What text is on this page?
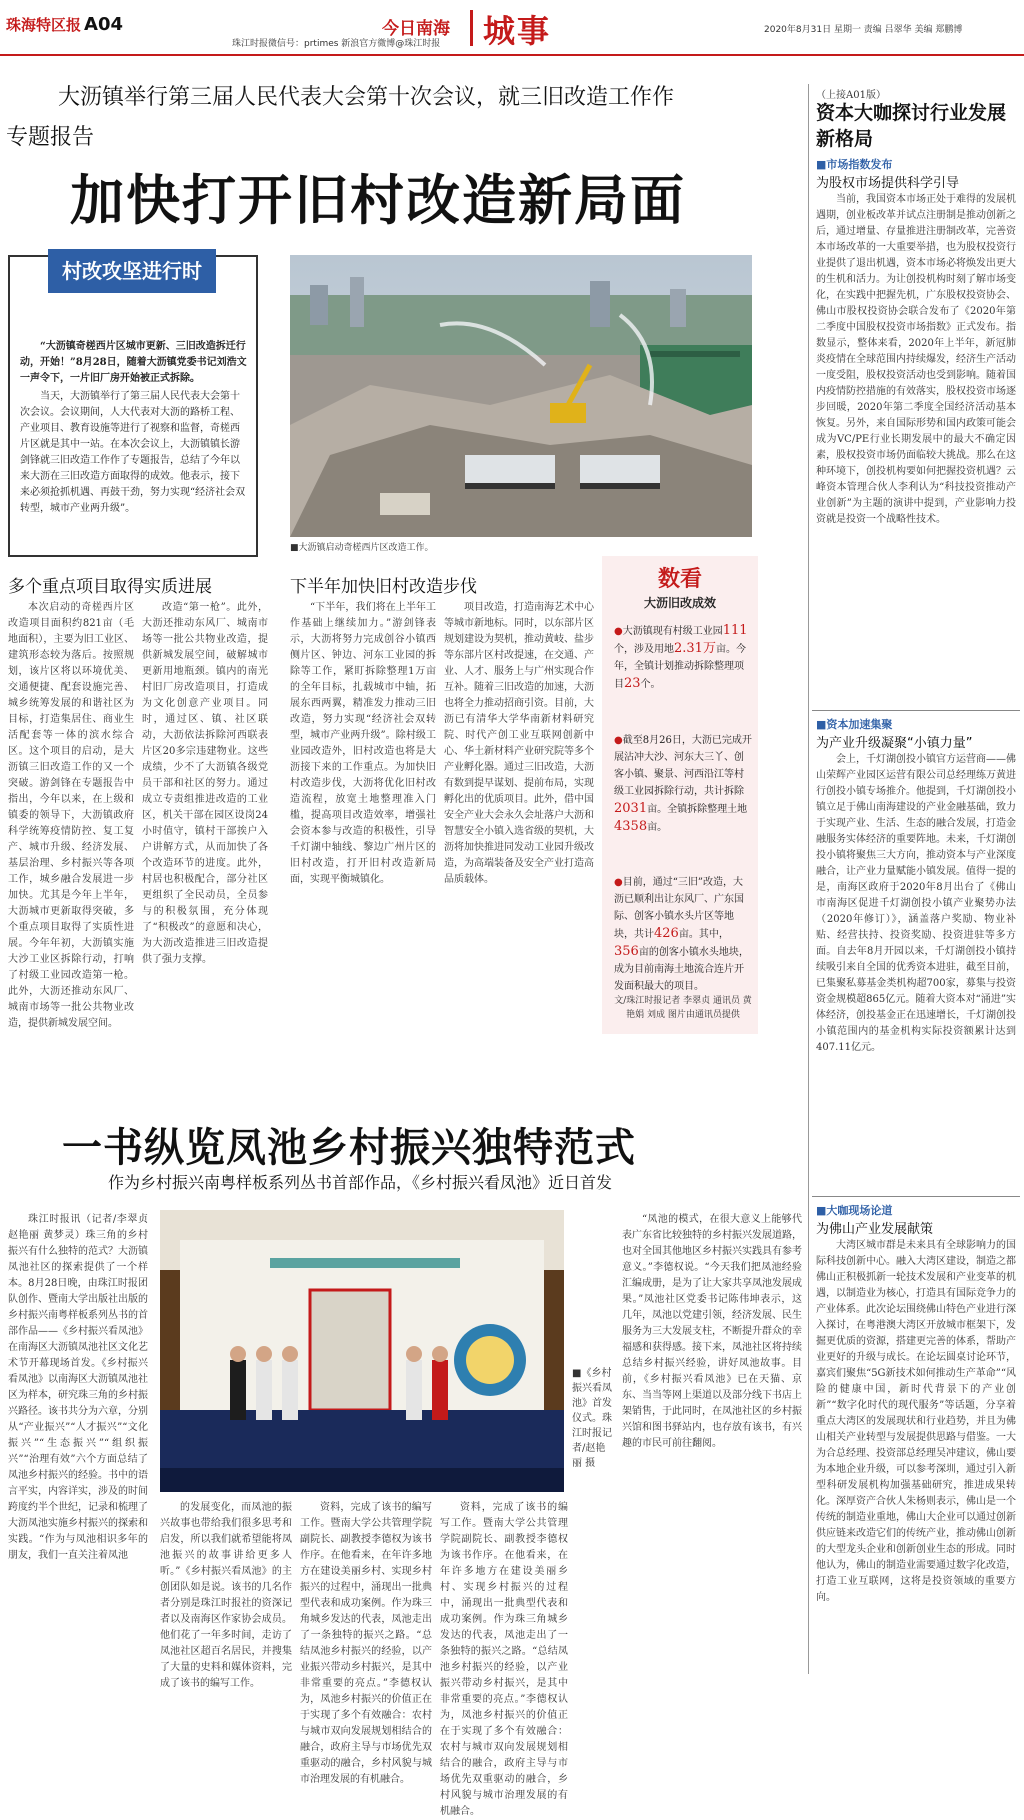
珠海特区报 A04
珠江时报微信号：prtimes 新浪官方微博@珠江时报
今日南海 城事	2020年8月31日 星期一 责编 吕翠华 美编 郑鹏博
大沥镇举行第三届人民代表大会第十次会议，就三旧改造工作作
专题报告
加快打开旧村改造新局面
村改攻坚进行时

“大沥镇奇槎西片区城市更新、三旧改造拆迁行动，开始！”8月28日，随着大沥镇党委书记刘浩文一声令下，一片旧厂房开始被正式拆除。

当天，大沥镇举行了第三届人民代表大会第十次会议。会议期间，人大代表对大沥的路桥工程、产业项目、教育设施等进行了视察和监督，奇槎西片区就是其中一站。在本次会议上，大沥镇镇长游剑锋就三旧改造工作作了专题报告，总结了今年以来大沥在三旧改造方面取得的成效。他表示，接下来必须抢抓机遇、再鼓干劲，努力实现“经济社会双转型，城市产业两升级”。

■大沥镇启动奇槎西片区改造工作。
多个重点项目取得实质进展	下半年加快旧村改造步伐

本次启动的奇槎西片区改造项目面积约821亩（毛地面积），主要为旧工业区、建筑形态较为落后。按照规划，该片区将以环境优美、交通便捷、配套设施完善、城乡统筹发展的和谐社区为目标，打造集居住、商业生活配套等一体的滨水综合区。这个项目的启动，是大沥镇三旧改造工作的又一个突破。游剑锋在专题报告中指出，今年以来，在上级和镇委的领导下，大沥镇政府科学统筹疫情防控、复工复产、城市升级、经济发展、基层治理、乡村振兴等各项工作，城乡融合发展进一步加快。尤其是今年上半年，大沥城市更新取得突破，多个重点项目取得了实质性进展。今年年初，大沥镇实施大沙工业区拆除行动，打响了村级工业园改造第一枪。此外，大沥还推动东风厂、城南市场等一批公共物业改造，提供新城发展空间。

改造“第一枪”。此外，大沥还推动东风厂、城南市场等一批公共物业改造，提供新城发展空间，破解城市更新用地瓶颈。镇内的南光村旧厂房改造项目，打造成为文化创意产业项目。同时，通过区、镇、社区联动，大沥依法拆除河西联表片区20多宗违建物业。这些成绩，少不了大沥镇各级党员干部和社区的努力。通过成立专责组推进改造的工业区，机关干部在园区设岗24小时值守，镇村干部挨户入户讲解方式，从而加快了各个改造环节的进度。此外，村居也积极配合，部分社区更组织了全民动员，全员参与的积极氛围，充分体现了“积极改”的意愿和决心，为大沥改造推进三旧改造提供了强力支撑。

“下半年，我们将在上半年工作基础上继续加力。”游剑锋表示，大沥将努力完成创谷小镇西侧片区、钟边、河东工业园的拆除等工作，紧盯拆除整理1万亩的全年目标，扎载城市中轴，拓展东西两翼，精准发力推动三旧改造，努力实现“经济社会双转型，城市产业两升级”。除村级工业园改造外，旧村改造也将是大沥接下来的工作重点。为加快旧村改造步伐，大沥将优化旧村改造流程，放宽土地整理准入门槛，提高项目改造效率，增强社会资本参与改造的积极性，引导千灯湖中轴线、黎边广州片区的旧村改造，打开旧村改造新局面，实现平衡城镇化。

项目改造，打造南海艺术中心等城市新地标。同时，以东部片区规划建设为契机，推动黄岐、盐步等东部片区村改提速，在交通、产业、人才、服务上与广州实现合作互补。随着三旧改造的加速，大沥也将全力推动招商引资。目前，大沥已有清华大学华南新材料研究院、时代产创工业互联网创新中心、华土新材料产业研究院等多个产业孵化器。通过三旧改造，大沥有数到提早谋划、提前布局，实现孵化出的优质项目。此外，借中国安全产业大会永久会址落户大沥和智慧安全小镇入选省级的契机，大沥将加快推进同发动工业园升级改造，为高端装备及安全产业打造高品质载体。

数看
大沥旧改成效
●大沥镇现有村级工业园111个，涉及用地2.31万亩。今年，全镇计划推动拆除整理项目23个。
●截至8月26日，大沥已完成开展沾冲大沙、河东大三丫、创客小镇、聚景、河西沿江等村级工业园拆除行动，共计拆除2031亩。全镇拆除整理土地4358亩。
●目前，通过“三旧”改造，大沥已顺利出让东风厂、广东国际、创客小镇水头片区等地块，共计426亩。其中，356亩的创客小镇水头地块，成为目前南海土地流合连片开发面积最大的项目。
文/珠江时报记者 李翠贞 通讯员 黄艳娟 刘成 图片由通讯员提供
一书纵览凤池乡村振兴独特范式
作为乡村振兴南粤样板系列丛书首部作品，《乡村振兴看凤池》近日首发

珠江时报讯（记者/李翠贞 赵艳丽 黄梦灵）珠三角的乡村振兴有什么独特的范式？大沥镇凤池社区的探索提供了一个样本。8月28日晚，由珠江时报团队创作、暨南大学出版社出版的乡村振兴南粤样板系列丛书的首部作品——《乡村振兴看凤池》在南海区大沥镇凤池社区文化艺术节开幕现场首发。《乡村振兴看凤池》以南海区大沥镇凤池社区为样本，研究珠三角的乡村振兴路径。该书共分为六章，分别从“产业振兴”“人才振兴”“文化振兴”“生态振兴”“组织振兴”“治理有效”六个方面总结了凤池乡村振兴的经验。书中的语言平实，内容详实，涉及的时间跨度约半个世纪，记录和梳理了大沥凤池实施乡村振兴的探索和实践。“作为与凤池相识多年的朋友，我们一直关注着凤池

■《乡村振兴看凤池》首发仪式。珠江时报记者/赵艳丽 摄

的发展变化，而凤池的振兴故事也带给我们很多思考和启发，所以我们就希望能将凤池振兴的故事讲给更多人听。”《乡村振兴看凤池》的主创团队如是说。该书的几名作者分别是珠江时报社的资深记者以及南海区作家协会成员。他们花了一年多时间，走访了凤池社区超百名居民，并搜集了大量的史料和媒体资料，完成了该书的编写工作。

资料，完成了该书的编写工作。暨南大学公共管理学院副院长、副教授李德权为该书作序。在他看来，在年许多地方在建设美丽乡村、实现乡村振兴的过程中，涌现出一批典型代表和成功案例。作为珠三角城乡发达的代表，凤池走出了一条独特的振兴之路。“总结凤池乡村振兴的经验，以产业振兴带动乡村振兴，是其中非常重要的亮点。”李德权认为，凤池乡村振兴的价值正在于实现了多个有效融合：农村与城市双向发展规划相结合的融合，政府主导与市场优先双重驱动的融合，乡村风貌与城市治理发展的有机融合。

资料，完成了该书的编写工作。暨南大学公共管理学院副院长、副教授李德权为该书作序。在他看来，在年许多地方在建设美丽乡村、实现乡村振兴的过程中，涌现出一批典型代表和成功案例。作为珠三角城乡发达的代表，凤池走出了一条独特的振兴之路。“总结凤池乡村振兴的经验，以产业振兴带动乡村振兴，是其中非常重要的亮点。”李德权认为，凤池乡村振兴的价值正在于实现了多个有效融合：农村与城市双向发展规划相结合的融合，政府主导与市场优先双重驱动的融合，乡村风貌与城市治理发展的有机融合。

“凤池的模式，在很大意义上能够代表广东省比较独特的乡村振兴发展道路，也对全国其他地区乡村振兴实践具有参考意义。”李德权说。“今天我们把凤池经验汇编成册，是为了让大家共享凤池发展成果。”凤池社区党委书记陈伟坤表示，这几年，凤池以党建引领，经济发展、民生服务为三大发展支柱，不断提升群众的幸福感和获得感。接下来，凤池社区将持续总结乡村振兴经验，讲好凤池故事。目前，《乡村振兴看凤池》已在天猫、京东、当当等网上渠道以及部分线下书店上架销售，于此同时，在凤池社区的乡村振兴馆和图书驿站内，也存放有该书，有兴趣的市民可前往翻阅。

（上接A01版）
资本大咖探讨行业发展新格局
■市场指数发布
为股权市场提供科学引导

当前，我国资本市场正处于难得的发展机遇期，创业板改革并试点注册制是推动创新之后，通过增量、存量推进注册制改革，完善资本市场改革的一大重要举措，也为股权投资行业提供了退出机遇，资本市场必将焕发出更大的生机和活力。为让创投机构时刻了解市场变化，在实践中把握先机，广东股权投资协会、佛山市股权投资协会联合发布了《2020年第二季度中国股权投资市场指数》正式发布。指数显示，整体来看，2020年上半年，新冠肺炎疫情在全球范围内持续爆发，经济生产活动一度受阻，股权投资活动也受到影响。随着国内疫情防控措施的有效落实，股权投资市场逐步回暖，2020年第二季度全国经济活动基本恢复。另外，来自国际形势和国内政策可能会成为VC/PE行业长期发展中的最大不确定因素，股权投资市场仍面临较大挑战。那么在这种环境下，创投机构要如何把握投资机遇？云峰资本管理合伙人李利认为“科技投资推动产业创新”为主题的演讲中提到，产业影响力投资就是投资一个战略性技术。

■资本加速集聚
为产业升级凝聚“小镇力量”

会上，千灯湖创投小镇官方运营商——佛山荣辉产业园区运营有限公司总经理练万黄进行创投小镇专场推介。他提到，千灯湖创投小镇立足于佛山南海建设的产业金融基础，致力于实现产业、生活、生态的融合发展，打造金融服务实体经济的重要阵地。未来，千灯湖创投小镇将聚焦三大方向，推动资本与产业深度融合，让产业力量赋能小镇发展。值得一提的是，南海区政府于2020年8月出台了《佛山市南海区促进千灯湖创投小镇产业聚势办法（2020年修订）》，涵盖落户奖励、物业补贴、经营扶持、投资奖励、投资进驻等多方面。自去年8月开园以来，千灯湖创投小镇持续吸引来自全国的优秀资本进驻，截至目前，已集聚私募基金类机构超700家，募集与投资资金规模超865亿元。随着大资本对“涌进”实体经济，创投基金正在迅速增长，千灯湖创投小镇范围内的基金机构实际投资额累计达到407.11亿元。

■大咖现场论道
为佛山产业发展献策

大湾区城市群是未来具有全球影响力的国际科技创新中心。融入大湾区建设，制造之都佛山正积极抓新一轮技术发展和产业变革的机遇，以制造业为核心，打造具有国际竞争力的产业体系。此次论坛围绕佛山特色产业进行深入探讨，在粤港澳大湾区开放城市框架下，发掘更优质的资源，搭建更完善的体系，帮助产业更好的升级与成长。在论坛圆桌讨论环节，嘉宾们聚焦“5G新技术如何推动生产革命”“风险的健康中国，新时代背景下的产业创新”“数字化时代的现代服务”等话题，分享着重点大湾区的发展现状和行业趋势，并且为佛山相关产业转型与发展提供思路与借鉴。一大为合总经理、投资部总经理吴冲建议，佛山要为本地企业升级，可以参考深圳，通过引入新型科研发展机构加强基础研究，推进成果转化。深厚资产合伙人朱杨则表示，佛山是一个传统的制造业重地，佛山大企业可以通过创新供应链来改造它们的传统产业，推动佛山创新的大型龙头企业和创新创业生态的形成。同时他认为，佛山的制造业需要通过数字化改造，打造工业互联网，这将是投资领域的重要方向。
